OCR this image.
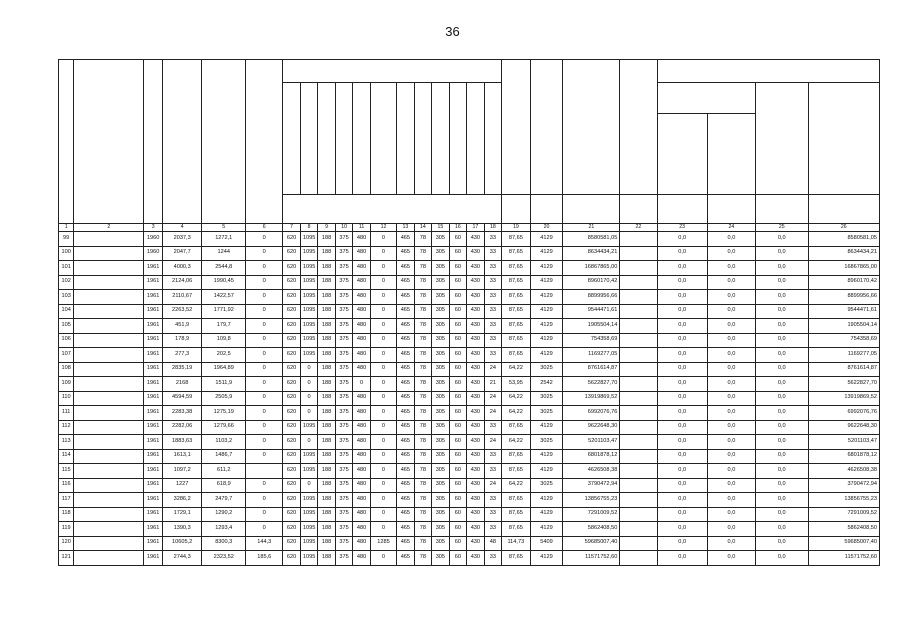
36

1	2	3	4	5	6	7	8	9	10	11	12	13	14	15	16	17	18	19	20	21	22	23	24	25	26
99		1960	2037,3	1272,1	0	620	1095	188	375	480	0	465	78	305	60	430	33	87,65	4129	8580581,05		0,0	0,0	0,0	8580581,05
100		1960	2047,7	1244	0	620	1095	188	375	480	0	465	78	305	60	430	33	87,65	4129	8634434,21		0,0	0,0	0,0	8634434,21
101		1961	4000,3	2544,8	0	620	1095	188	375	480	0	465	78	305	60	430	33	87,65	4129	16867865,00		0,0	0,0	0,0	16867865,00
102		1961	2124,06	1990,45	0	620	1095	188	375	480	0	465	78	305	60	430	33	87,65	4129	8960170,42		0,0	0,0	0,0	8960170,42
103		1961	2110,67	1422,57	0	620	1095	188	375	480	0	465	78	305	60	430	33	87,65	4129	8899956,66		0,0	0,0	0,0	8899956,66
104		1961	2263,52	1771,92	0	620	1095	188	375	480	0	465	78	305	60	430	33	87,65	4129	9544471,61		0,0	0,0	0,0	9544471,61
105		1961	451,9	179,7	0	620	1095	188	375	480	0	465	78	305	60	430	33	87,65	4129	1905504,14		0,0	0,0	0,0	1905504,14
106		1961	178,9	109,8	0	620	1095	188	375	480	0	465	78	305	60	430	33	87,65	4129	754358,69		0,0	0,0	0,0	754358,69
107		1961	277,3	202,5	0	620	1095	188	375	480	0	465	78	305	60	430	33	87,65	4129	1169277,05		0,0	0,0	0,0	1169277,05
108		1961	2835,19	1964,89	0	620	0	188	375	480	0	465	78	305	60	430	24	64,22	3025	8761614,87		0,0	0,0	0,0	8761614,87
109		1961	2168	1511,9	0	620	0	188	375	0	0	465	78	305	60	430	21	53,95	2542	5622827,70		0,0	0,0	0,0	5622827,70
110		1961	4594,59	2505,9	0	620	0	188	375	480	0	465	78	305	60	430	24	64,22	3025	13919869,52		0,0	0,0	0,0	13919869,52
111		1961	2283,38	1275,19	0	620	0	188	375	480	0	465	78	305	60	430	24	64,22	3025	6992076,76		0,0	0,0	0,0	6992076,76
112		1961	2282,06	1279,66	0	620	1095	188	375	480	0	465	78	305	60	430	33	87,65	4129	9622648,30		0,0	0,0	0,0	9622648,30
113		1961	1883,63	1103,2	0	620	0	188	375	480	0	465	78	305	60	430	24	64,22	3025	5201103,47		0,0	0,0	0,0	5201103,47
114		1961	1613,1	1486,7	0	620	1095	188	375	480	0	465	78	305	60	430	33	87,65	4129	6801878,12		0,0	0,0	0,0	6801878,12
115		1961	1097,2	611,2		620	1095	188	375	480	0	465	78	305	60	430	33	87,65	4129	4626508,38		0,0	0,0	0,0	4626508,38
116		1961	1227	618,9	0	620	0	188	375	480	0	465	78	305	60	430	24	64,22	3025	3790472,94		0,0	0,0	0,0	3790472,94
117		1961	3286,2	2479,7	0	620	1095	188	375	480	0	465	78	305	60	430	33	87,65	4129	13856755,23		0,0	0,0	0,0	13856755,23
118		1961	1729,1	1290,2	0	620	1095	188	375	480	0	465	78	305	60	430	33	87,65	4129	7291009,52		0,0	0,0	0,0	7291009,52
119		1961	1390,3	1293,4	0	620	1095	188	375	480	0	465	78	305	60	430	33	87,65	4129	5862408,50		0,0	0,0	0,0	5862408,50
120		1961	10605,2	8300,3	144,3	620	1095	188	375	480	1285	465	78	305	60	430	48	114,73	5409	59685007,40		0,0	0,0	0,0	59685007,40
121		1961	2744,3	2323,52	185,6	620	1095	188	375	480	0	465	78	305	60	430	33	87,65	4129	11571752,60		0,0	0,0	0,0	11571752,60
